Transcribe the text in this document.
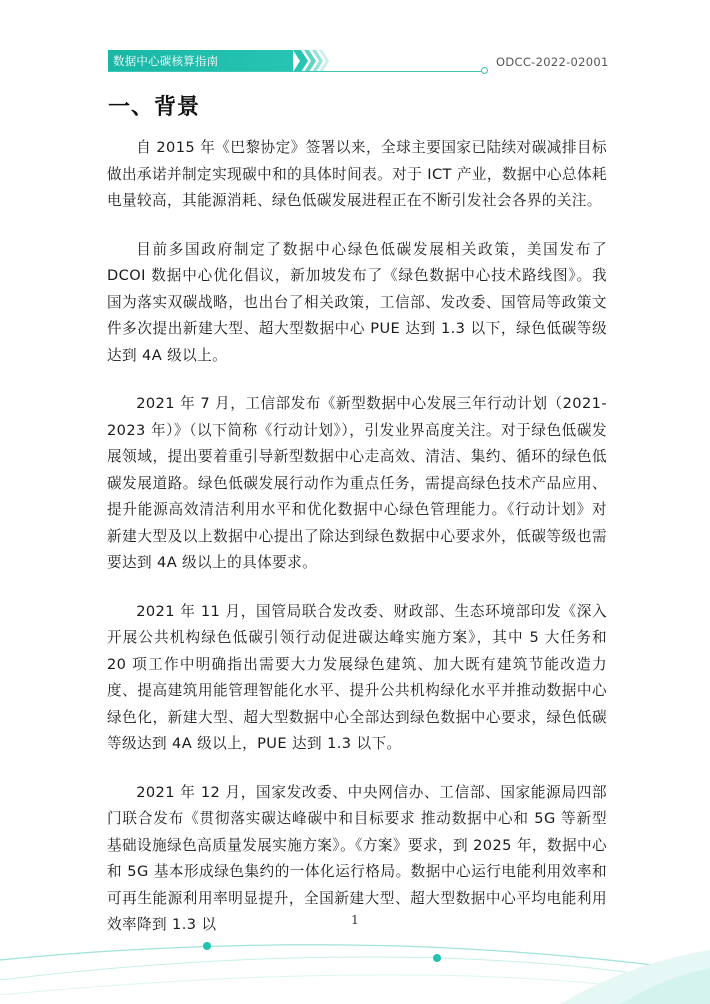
数据中心碳核算指南	ODCC-2022-02001
一、背景

自 2015 年《巴黎协定》签署以来，全球主要国家已陆续对碳减排目标做出承诺并制定实现碳中和的具体时间表。对于 ICT 产业，数据中心总体耗电量较高，其能源消耗、绿色低碳发展进程正在不断引发社会各界的关注。

目前多国政府制定了数据中心绿色低碳发展相关政策，美国发布了 DCOI 数据中心优化倡议，新加坡发布了《绿色数据中心技术路线图》。我国为落实双碳战略，也出台了相关政策，工信部、发改委、国管局等政策文件多次提出新建大型、超大型数据中心 PUE 达到 1.3 以下，绿色低碳等级达到 4A 级以上。

2021 年 7 月，工信部发布《新型数据中心发展三年行动计划（2021-2023 年）》（以下简称《行动计划》），引发业界高度关注。对于绿色低碳发展领域，提出要着重引导新型数据中心走高效、清洁、集约、循环的绿色低碳发展道路。绿色低碳发展行动作为重点任务，需提高绿色技术产品应用、提升能源高效清洁利用水平和优化数据中心绿色管理能力。《行动计划》对新建大型及以上数据中心提出了除达到绿色数据中心要求外，低碳等级也需要达到 4A 级以上的具体要求。

2021 年 11 月，国管局联合发改委、财政部、生态环境部印发《深入开展公共机构绿色低碳引领行动促进碳达峰实施方案》，其中 5 大任务和 20 项工作中明确指出需要大力发展绿色建筑、加大既有建筑节能改造力度、提高建筑用能管理智能化水平、提升公共机构绿化水平并推动数据中心绿色化，新建大型、超大型数据中心全部达到绿色数据中心要求，绿色低碳等级达到 4A 级以上，PUE 达到 1.3 以下。

2021 年 12 月，国家发改委、中央网信办、工信部、国家能源局四部门联合发布《贯彻落实碳达峰碳中和目标要求 推动数据中心和 5G 等新型基础设施绿色高质量发展实施方案》。《方案》要求，到 2025 年，数据中心和 5G 基本形成绿色集约的一体化运行格局。数据中心运行电能利用效率和可再生能源利用率明显提升，全国新建大型、超大型数据中心平均电能利用效率降到 1.3 以	1
